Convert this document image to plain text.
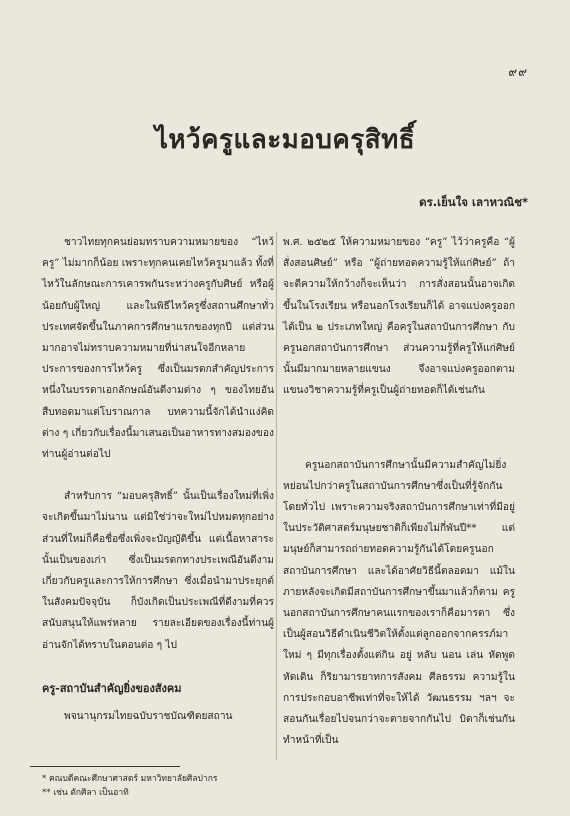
๙๙
ไหว้ครูและมอบครุสิทธิ์
ดร.เย็นใจ เลาหวณิช*

ชาวไทยทุกคนย่อมทราบความหมายของ “ไหว้ครู” ไม่มากก็น้อย เพราะทุกคนเคยไหว้ครูมาแล้ว ทั้งที่ไหว้ในลักษณะการเคารพกันระหว่างครูกับศิษย์ หรือผู้น้อยกับผู้ใหญ่ และในพิธีไหว้ครูซึ่งสถานศึกษาทั่วประเทศจัดขึ้นในภาคการศึกษาแรกของทุกปี แต่ส่วนมากอาจไม่ทราบความหมายที่น่าสนใจอีกหลายประการของการไหว้ครู ซึ่งเป็นมรดกสำคัญประการหนึ่งในบรรดาเอกลักษณ์อันดีงามต่าง ๆ ของไทยอันสืบทอดมาแต่โบราณกาล บทความนี้จักได้นำแง่คิดต่าง ๆ เกี่ยวกับเรื่องนี้มาเสนอเป็นอาหารทางสมองของท่านผู้อ่านต่อไป

สำหรับการ “มอบครุสิทธิ์” นั้นเป็นเรื่องใหม่ที่เพิ่งจะเกิดขึ้นมาไม่นาน แต่มิใช่ว่าจะใหม่ไปหมดทุกอย่าง ส่วนที่ใหม่ก็คือชื่อซึ่งเพิ่งจะบัญญัติขึ้น แต่เนื้อหาสาระนั้นเป็นของเก่า ซึ่งเป็นมรดกทางประเพณีอันดีงามเกี่ยวกับครูและการให้การศึกษา ซึ่งเมื่อนำมาประยุกต์ในสังคมปัจจุบัน ก็บังเกิดเป็นประเพณีที่ดีงามที่ควรสนับสนุนให้แพร่หลาย รายละเอียดของเรื่องนี้ท่านผู้อ่านจักได้ทราบในตอนต่อ ๆ ไป

ครู-สถาบันสำคัญยิ่งของสังคม

พจนานุกรมไทยฉบับราชบัณฑิตยสถาน

พ.ศ. ๒๕๒๕ ให้ความหมายของ “ครู” ไว้ว่าครูคือ “ผู้สั่งสอนศิษย์” หรือ “ผู้ถ่ายทอดความรู้ให้แก่ศิษย์” ถ้าจะตีความให้กว้างก็จะเห็นว่า การสั่งสอนนั้นอาจเกิดขึ้นในโรงเรียน หรือนอกโรงเรียนก็ได้ อาจแบ่งครูออกได้เป็น ๒ ประเภทใหญ่ คือครูในสถาบันการศึกษา กับครูนอกสถาบันการศึกษา ส่วนความรู้ที่ครูให้แก่ศิษย์นั้นมีมากมายหลายแขนง จึงอาจแบ่งครูออกตามแขนงวิชาความรู้ที่ครูเป็นผู้ถ่ายทอดก็ได้เช่นกัน

ครูนอกสถาบันการศึกษานั้นมีความสำคัญไม่ยิ่งหย่อนไปกว่าครูในสถาบันการศึกษาซึ่งเป็นที่รู้จักกันโดยทั่วไป เพราะความจริงสถาบันการศึกษาเท่าที่มีอยู่ในประวัติศาสตร์มนุษยชาติก็เพียงไม่กี่พันปี** แต่มนุษย์ก็สามารถถ่ายทอดความรู้กันได้โดยครูนอกสถาบันการศึกษา และได้อาศัยวิธีนี้ตลอดมา แม้ในภายหลังจะเกิดมีสถาบันการศึกษาขึ้นมาแล้วก็ตาม ครูนอกสถาบันการศึกษาคนแรกของเราก็คือมารดา ซึ่งเป็นผู้สอนวิธีดำเนินชีวิตให้ตั้งแต่ลูกออกจากครรภ์มาใหม่ ๆ มีทุกเรื่องตั้งแต่กิน อยู่ หลับ นอน เล่น หัดพูด หัดเดิน ก็ริยามารยาทการสังคม ศีลธรรม ความรู้ในการประกอบอาชีพเท่าที่จะให้ได้ วัฒนธรรม ฯลฯ จะสอนกันเรื่อยไปจนกว่าจะตายจากกันไป บิดาก็เช่นกันทำหน้าที่เป็น

* คณบดีคณะศึกษาศาสตร์ มหาวิทยาลัยศิลปากร
** เช่น ตักศิลา เป็นอาทิ
